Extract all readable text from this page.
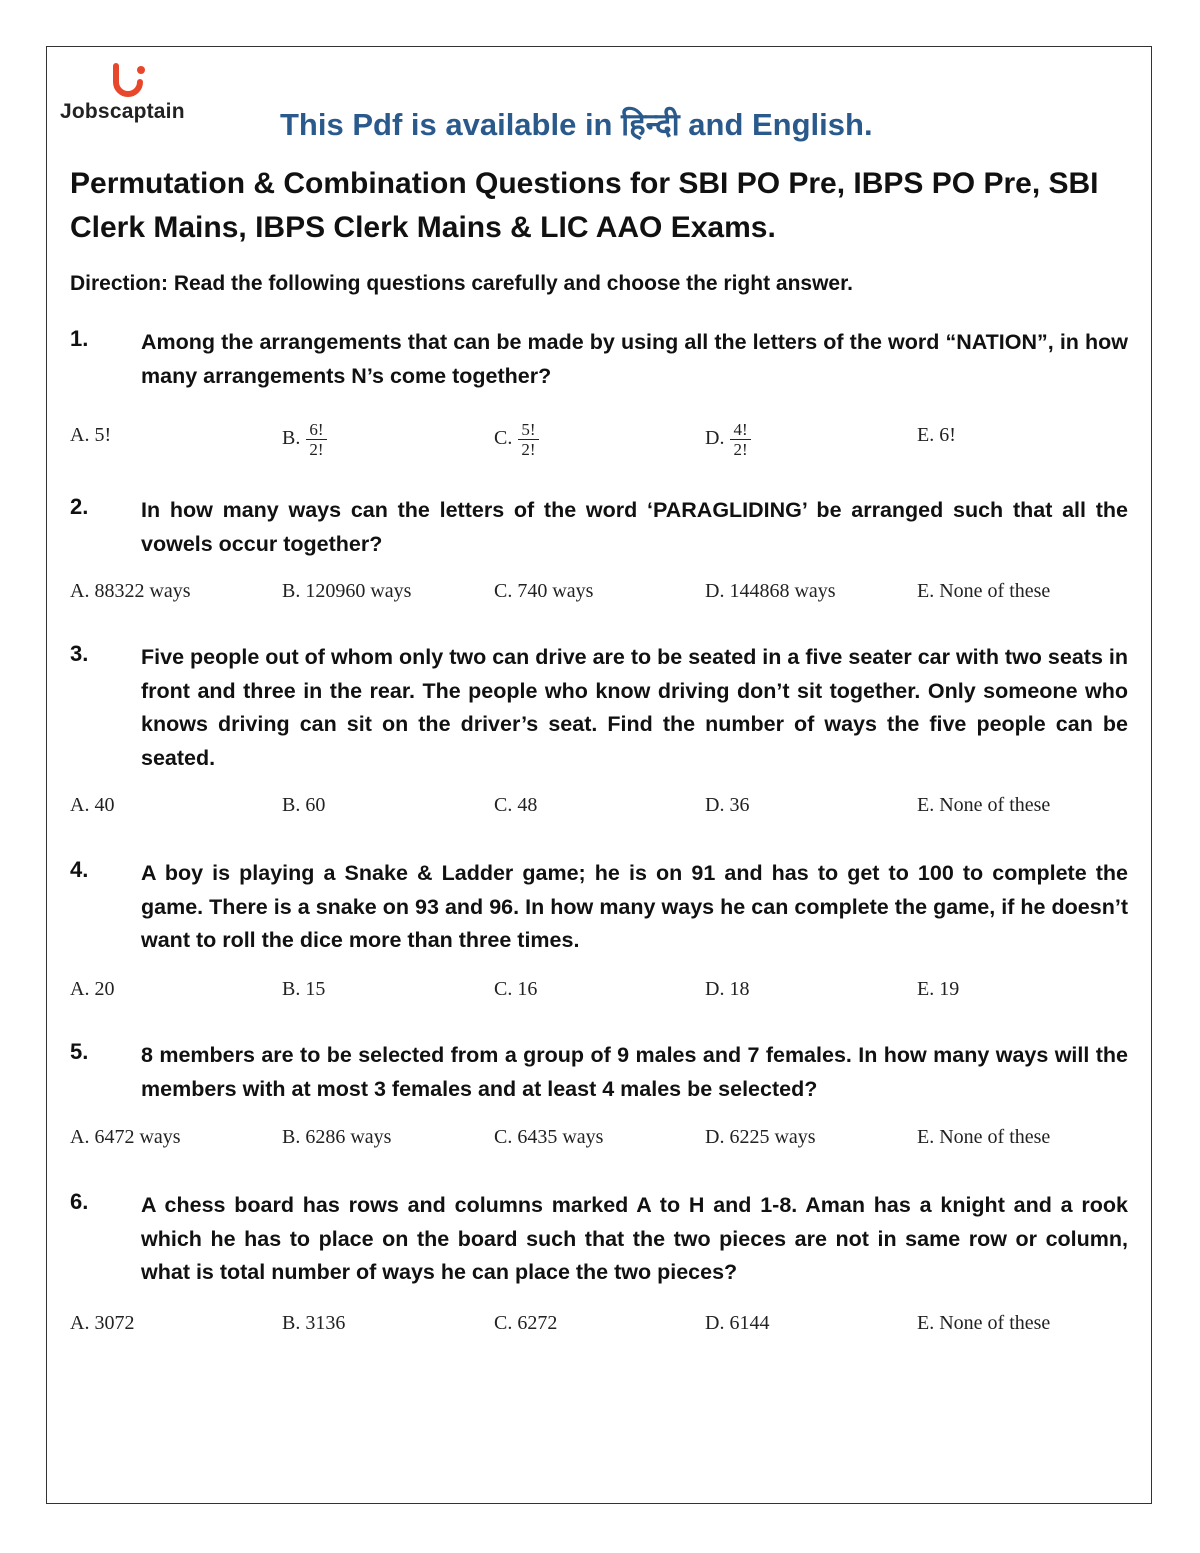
Jobscaptain	This Pdf is available in हिन्दी and English.
Permutation & Combination Questions for SBI PO Pre, IBPS PO Pre, SBI Clerk Mains, IBPS Clerk Mains & LIC AAO Exams.
Direction: Read the following questions carefully and choose the right answer.
1. Among the arrangements that can be made by using all the letters of the word “NATION”, in how many arrangements N’s come together?
A. 5!	B. $\frac{6!}{2!}$	C. $\frac{5!}{2!}$	D. $\frac{4!}{2!}$	E. 6!
2. In how many ways can the letters of the word ‘PARAGLIDING’ be arranged such that all the vowels occur together?
A. 88322 ways	B. 120960 ways	C. 740 ways	D. 144868 ways	E. None of these
3. Five people out of whom only two can drive are to be seated in a five seater car with two seats in front and three in the rear. The people who know driving don’t sit together. Only someone who knows driving can sit on the driver’s seat. Find the number of ways the five people can be seated.
A. 40	B. 60	C. 48	D. 36	E. None of these
4. A boy is playing a Snake & Ladder game; he is on 91 and has to get to 100 to complete the game. There is a snake on 93 and 96. In how many ways he can complete the game, if he doesn’t want to roll the dice more than three times.
A. 20	B. 15	C. 16	D. 18	E. 19
5. 8 members are to be selected from a group of 9 males and 7 females. In how many ways will the members with at most 3 females and at least 4 males be selected?
A. 6472 ways	B. 6286 ways	C. 6435 ways	D. 6225 ways	E. None of these
6. A chess board has rows and columns marked A to H and 1-8. Aman has a knight and a rook which he has to place on the board such that the two pieces are not in same row or column, what is total number of ways he can place the two pieces?
A. 3072	B. 3136	C. 6272	D. 6144	E. None of these
